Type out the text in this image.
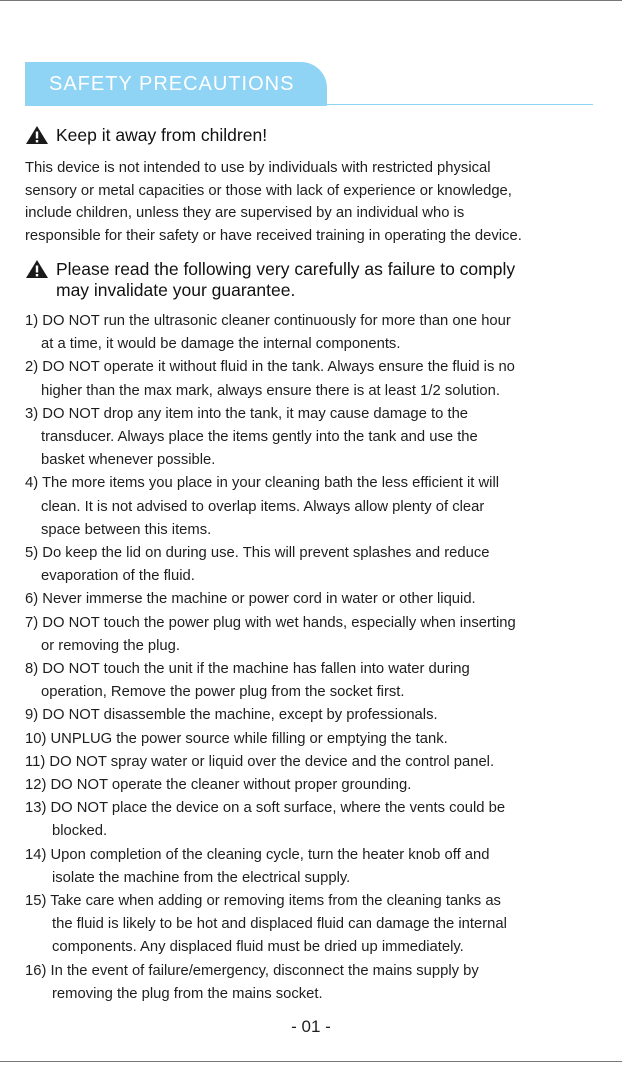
SAFETY PRECAUTIONS
Keep it away from children!

This device is not intended to use by individuals with restricted physical
sensory or metal capacities or those with lack of experience or knowledge,
include children, unless they are supervised by an individual who is
responsible for their safety or have received training in operating the device.

Please read the following very carefully as failure to comply
may invalidate your guarantee.
1) DO NOT run the ultrasonic cleaner continuously for more than one hour
at a time, it would be damage the internal components.
2) DO NOT operate it without fluid in the tank. Always ensure the fluid is no
higher than the max mark, always ensure there is at least 1/2 solution.
3) DO NOT drop any item into the tank, it may cause damage to the
transducer. Always place the items gently into the tank and use the
basket whenever possible.
4) The more items you place in your cleaning bath the less efficient it will
clean. It is not advised to overlap items. Always allow plenty of clear
space between this items.
5) Do keep the lid on during use. This will prevent splashes and reduce
evaporation of the fluid.
6) Never immerse the machine or power cord in water or other liquid.
7) DO NOT touch the power plug with wet hands, especially when inserting
or removing the plug.
8) DO NOT touch the unit if the machine has fallen into water during
operation, Remove the power plug from the socket first.
9) DO NOT disassemble the machine, except by professionals.
10) UNPLUG the power source while filling or emptying the tank.
11) DO NOT spray water or liquid over the device and the control panel.
12) DO NOT operate the cleaner without proper grounding.
13) DO NOT place the device on a soft surface, where the vents could be
blocked.
14) Upon completion of the cleaning cycle, turn the heater knob off and
isolate the machine from the electrical supply.
15) Take care when adding or removing items from the cleaning tanks as
the fluid is likely to be hot and displaced fluid can damage the internal
components. Any displaced fluid must be dried up immediately.
16) In the event of failure/emergency, disconnect the mains supply by
removing the plug from the mains socket.
- 01 -
